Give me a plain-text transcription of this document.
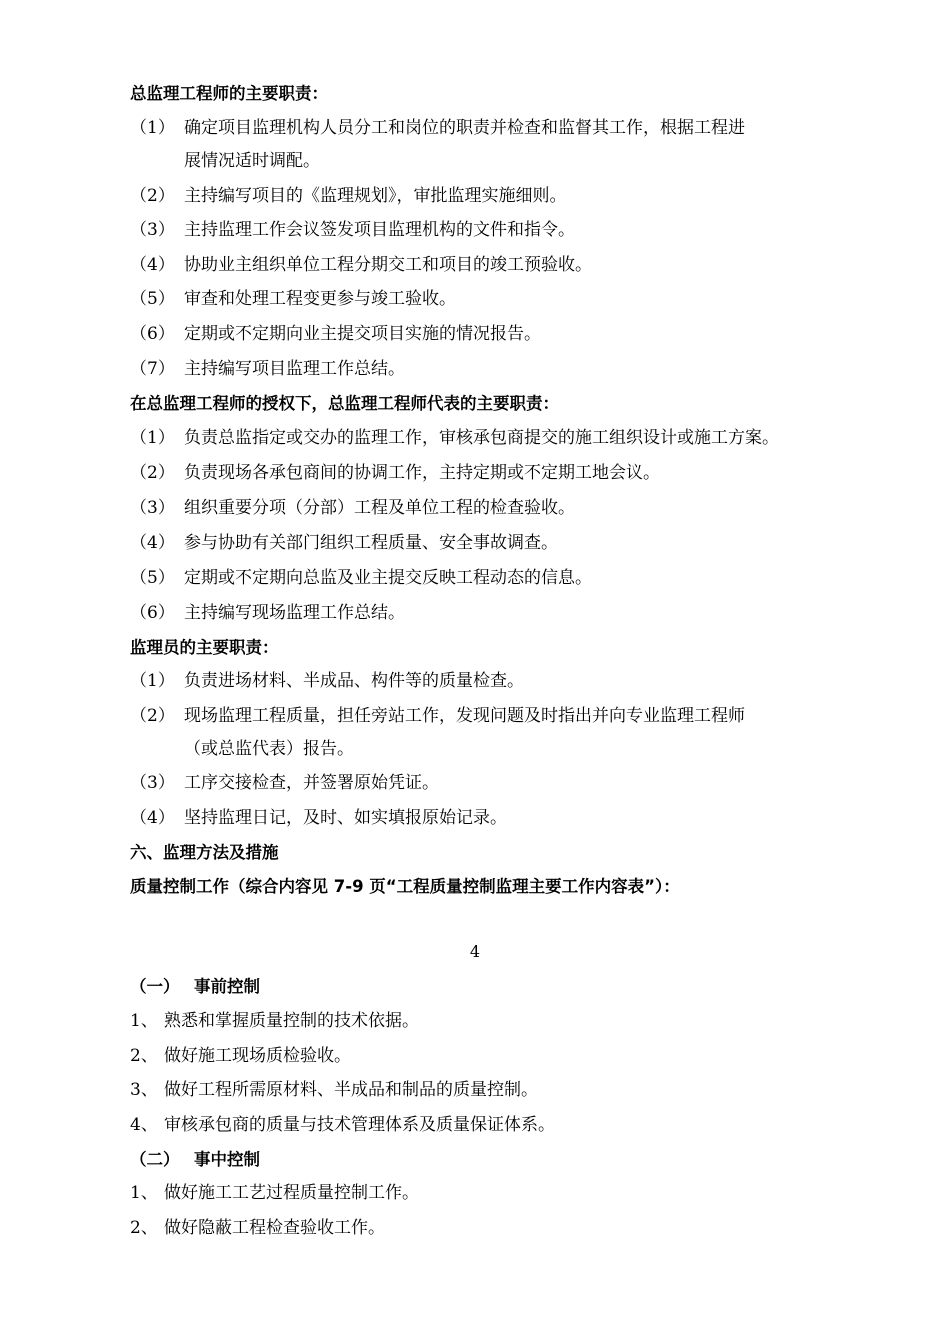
总监理工程师的主要职责：
（1） 确定项目监理机构人员分工和岗位的职责并检查和监督其工作，根据工程进
展情况适时调配。
（2） 主持编写项目的《监理规划》，审批监理实施细则。
（3） 主持监理工作会议签发项目监理机构的文件和指令。
（4） 协助业主组织单位工程分期交工和项目的竣工预验收。
（5） 审查和处理工程变更参与竣工验收。
（6） 定期或不定期向业主提交项目实施的情况报告。
（7） 主持编写项目监理工作总结。
在总监理工程师的授权下，总监理工程师代表的主要职责：
（1） 负责总监指定或交办的监理工作，审核承包商提交的施工组织设计或施工方案。
（2） 负责现场各承包商间的协调工作，主持定期或不定期工地会议。
（3） 组织重要分项（分部）工程及单位工程的检查验收。
（4） 参与协助有关部门组织工程质量、安全事故调查。
（5） 定期或不定期向总监及业主提交反映工程动态的信息。
（6） 主持编写现场监理工作总结。
监理员的主要职责：
（1） 负责进场材料、半成品、构件等的质量检查。
（2） 现场监理工程质量，担任旁站工作，发现问题及时指出并向专业监理工程师
（或总监代表）报告。
（3） 工序交接检查，并签署原始凭证。
（4） 坚持监理日记，及时、如实填报原始记录。
六、监理方法及措施
质量控制工作（综合内容见 7-9 页“工程质量控制监理主要工作内容表”）：
4
（一） 事前控制
1、 熟悉和掌握质量控制的技术依据。
2、 做好施工现场质检验收。
3、 做好工程所需原材料、半成品和制品的质量控制。
4、 审核承包商的质量与技术管理体系及质量保证体系。
（二） 事中控制
1、 做好施工工艺过程质量控制工作。
2、 做好隐蔽工程检查验收工作。
